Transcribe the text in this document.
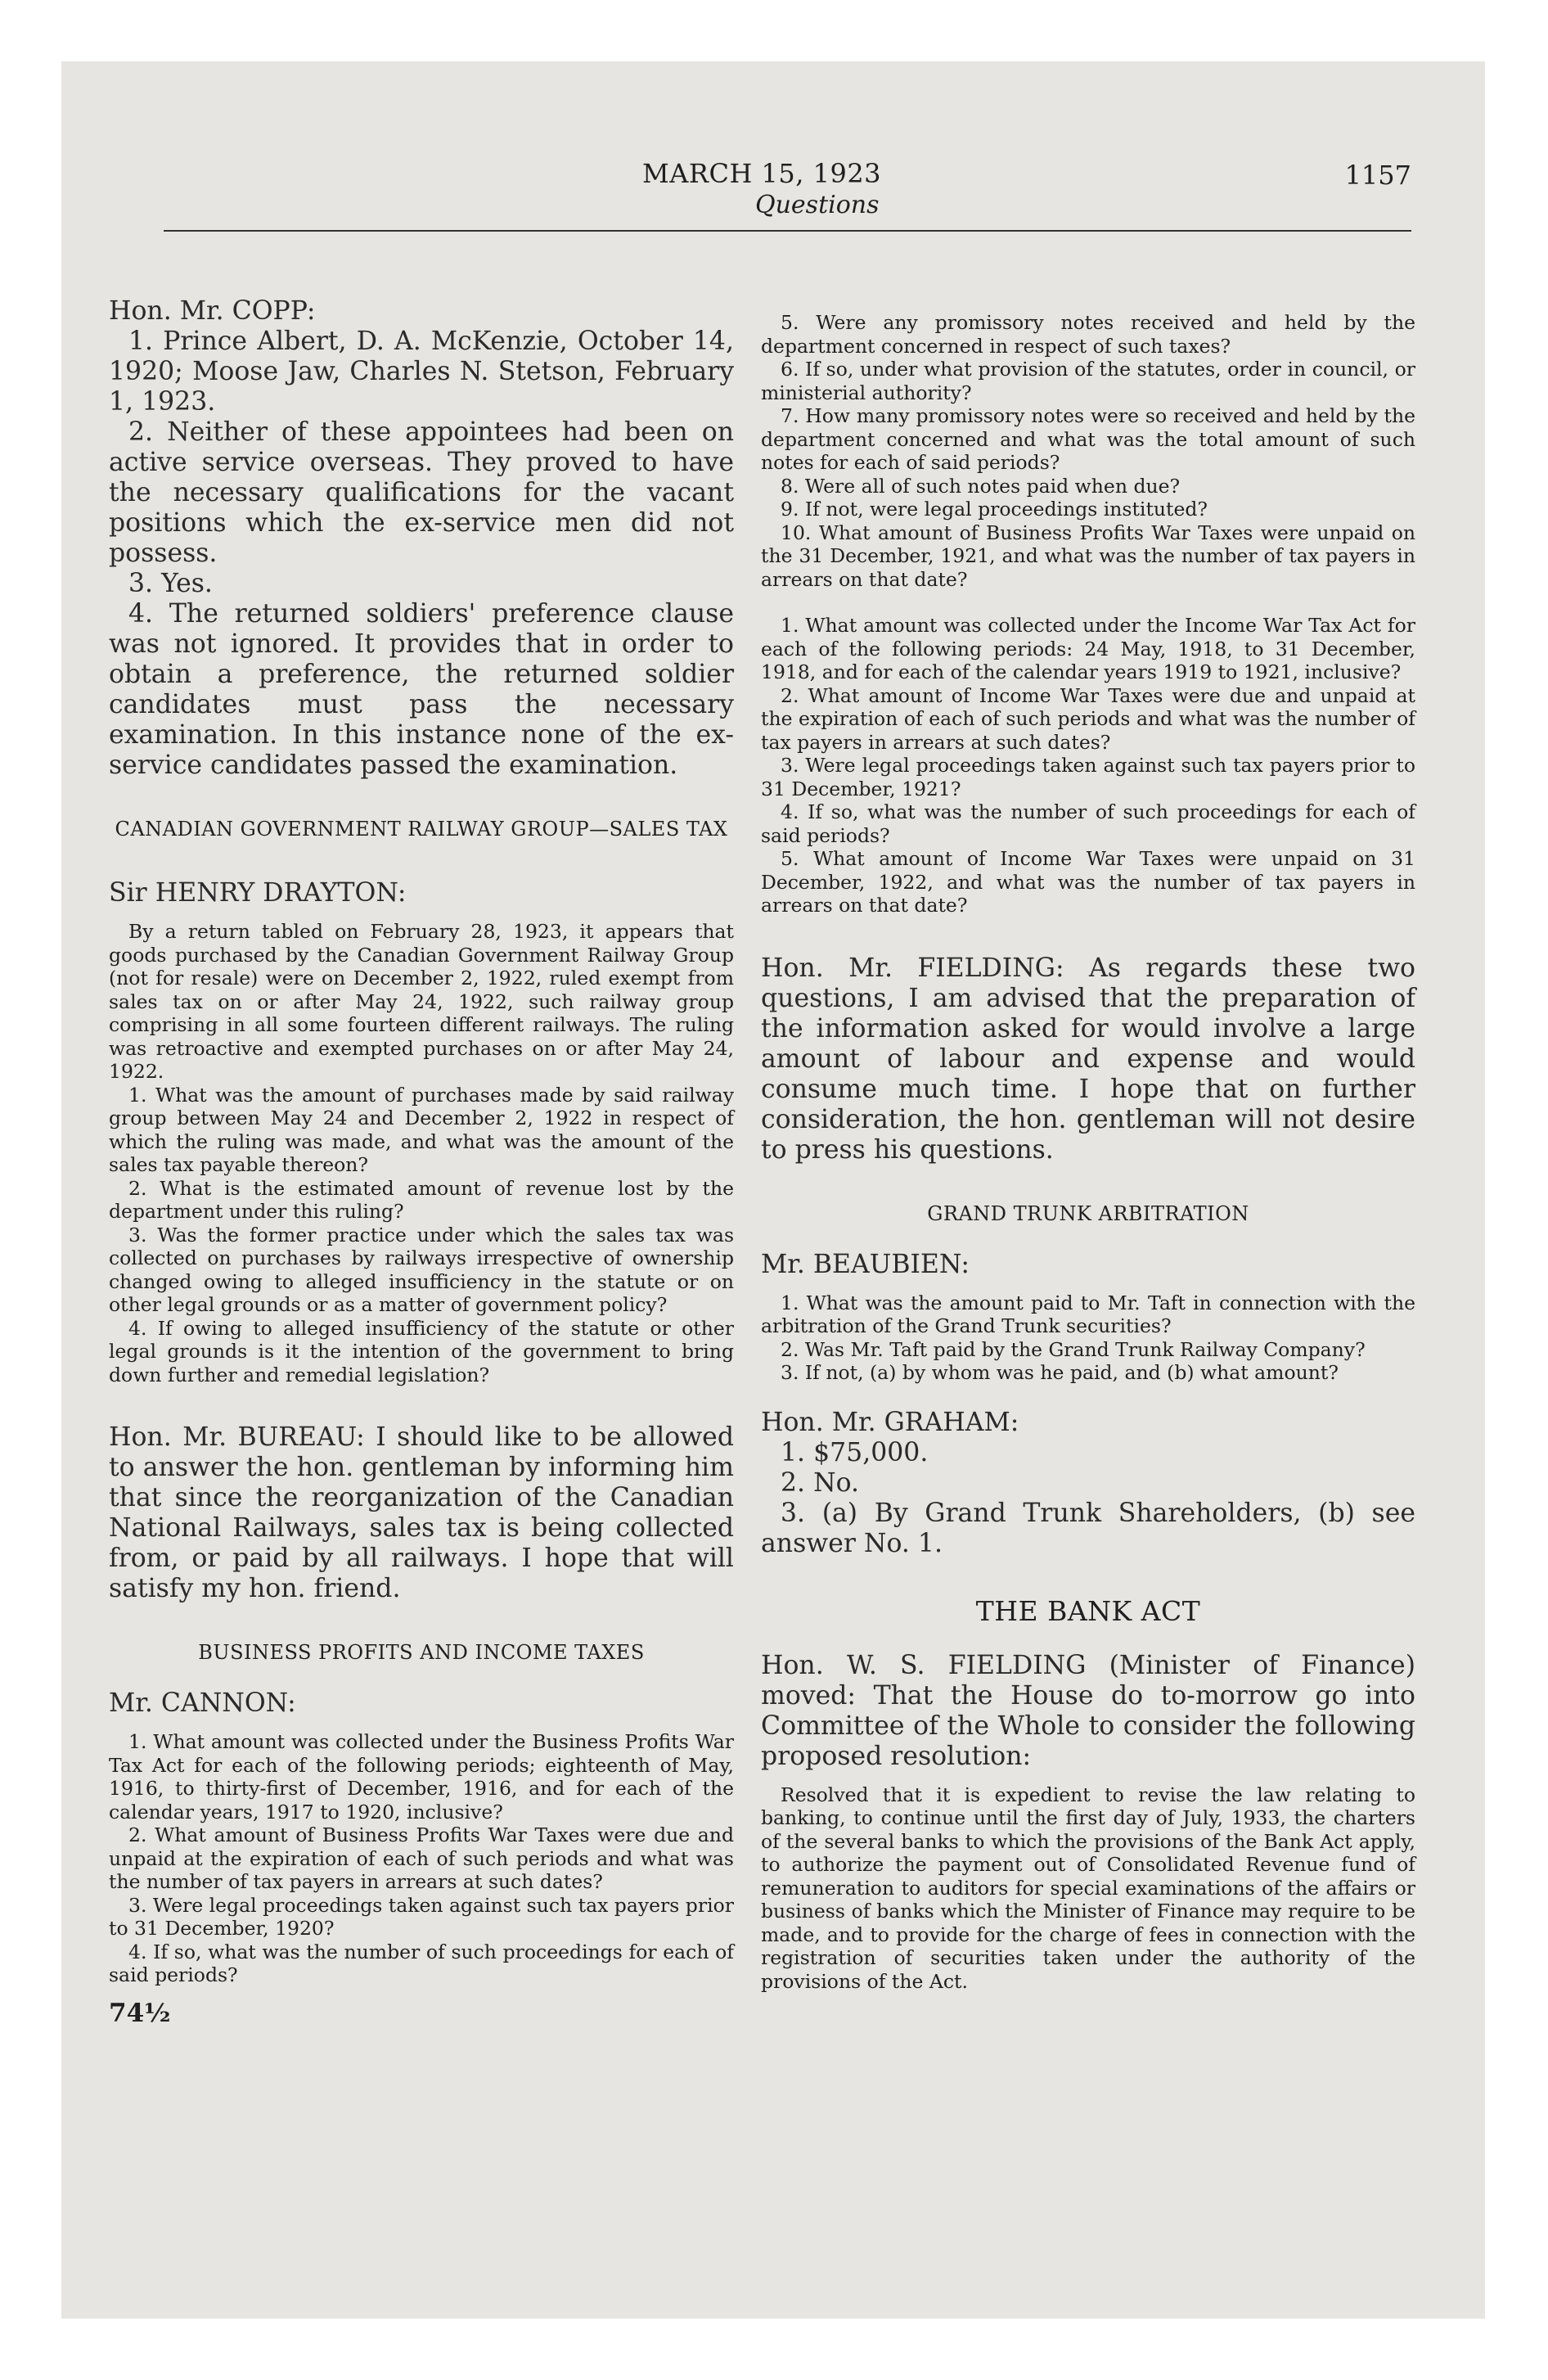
MARCH 15, 1923	1157
Questions

Hon. Mr. COPP:

1. Prince Albert, D. A. McKenzie, October 14, 1920; Moose Jaw, Charles N. Stetson, February 1, 1923.

2. Neither of these appointees had been on active service overseas. They proved to have the necessary qualifications for the vacant positions which the ex-service men did not possess.

3. Yes.

4. The returned soldiers' preference clause was not ignored. It provides that in order to obtain a preference, the returned soldier candidates must pass the necessary examination. In this instance none of the ex-service candidates passed the examination.

CANADIAN GOVERNMENT RAILWAY GROUP—SALES TAX

Sir HENRY DRAYTON:

By a return tabled on February 28, 1923, it appears that goods purchased by the Canadian Government Railway Group (not for resale) were on December 2, 1922, ruled exempt from sales tax on or after May 24, 1922, such railway group comprising in all some fourteen different railways. The ruling was retroactive and exempted purchases on or after May 24, 1922.

1. What was the amount of purchases made by said railway group between May 24 and December 2, 1922 in respect of which the ruling was made, and what was the amount of the sales tax payable thereon?

2. What is the estimated amount of revenue lost by the department under this ruling?

3. Was the former practice under which the sales tax was collected on purchases by railways irrespective of ownership changed owing to alleged insufficiency in the statute or on other legal grounds or as a matter of government policy?

4. If owing to alleged insufficiency of the statute or other legal grounds is it the intention of the government to bring down further and remedial legislation?

Hon. Mr. BUREAU: I should like to be allowed to answer the hon. gentleman by informing him that since the reorganization of the Canadian National Railways, sales tax is being collected from, or paid by all railways. I hope that will satisfy my hon. friend.

BUSINESS PROFITS AND INCOME TAXES

Mr. CANNON:

1. What amount was collected under the Business Profits War Tax Act for each of the following periods; eighteenth of May, 1916, to thirty-first of December, 1916, and for each of the calendar years, 1917 to 1920, inclusive?

2. What amount of Business Profits War Taxes were due and unpaid at the expiration of each of such periods and what was the number of tax payers in arrears at such dates?

3. Were legal proceedings taken against such tax payers prior to 31 December, 1920?

4. If so, what was the number of such proceedings for each of said periods?

74½

5. Were any promissory notes received and held by the department concerned in respect of such taxes?

6. If so, under what provision of the statutes, order in council, or ministerial authority?

7. How many promissory notes were so received and held by the department concerned and what was the total amount of such notes for each of said periods?

8. Were all of such notes paid when due?

9. If not, were legal proceedings instituted?

10. What amount of Business Profits War Taxes were unpaid on the 31 December, 1921, and what was the number of tax payers in arrears on that date?

1. What amount was collected under the Income War Tax Act for each of the following periods: 24 May, 1918, to 31 December, 1918, and for each of the calendar years 1919 to 1921, inclusive?

2. What amount of Income War Taxes were due and unpaid at the expiration of each of such periods and what was the number of tax payers in arrears at such dates?

3. Were legal proceedings taken against such tax payers prior to 31 December, 1921?

4. If so, what was the number of such proceedings for each of said periods?

5. What amount of Income War Taxes were unpaid on 31 December, 1922, and what was the number of tax payers in arrears on that date?

Hon. Mr. FIELDING: As regards these two questions, I am advised that the preparation of the information asked for would involve a large amount of labour and expense and would consume much time. I hope that on further consideration, the hon. gentleman will not desire to press his questions.

GRAND TRUNK ARBITRATION

Mr. BEAUBIEN:

1. What was the amount paid to Mr. Taft in connection with the arbitration of the Grand Trunk securities?

2. Was Mr. Taft paid by the Grand Trunk Railway Company?

3. If not, (a) by whom was he paid, and (b) what amount?

Hon. Mr. GRAHAM:

1. $75,000.

2. No.

3. (a) By Grand Trunk Shareholders, (b) see answer No. 1.

THE BANK ACT

Hon. W. S. FIELDING (Minister of Finance) moved: That the House do to-morrow go into Committee of the Whole to consider the following proposed resolution:

Resolved that it is expedient to revise the law relating to banking, to continue until the first day of July, 1933, the charters of the several banks to which the provisions of the Bank Act apply, to authorize the payment out of Consolidated Revenue fund of remuneration to auditors for special examinations of the affairs or business of banks which the Minister of Finance may require to be made, and to provide for the charge of fees in connection with the registration of securities taken under the authority of the provisions of the Act.
